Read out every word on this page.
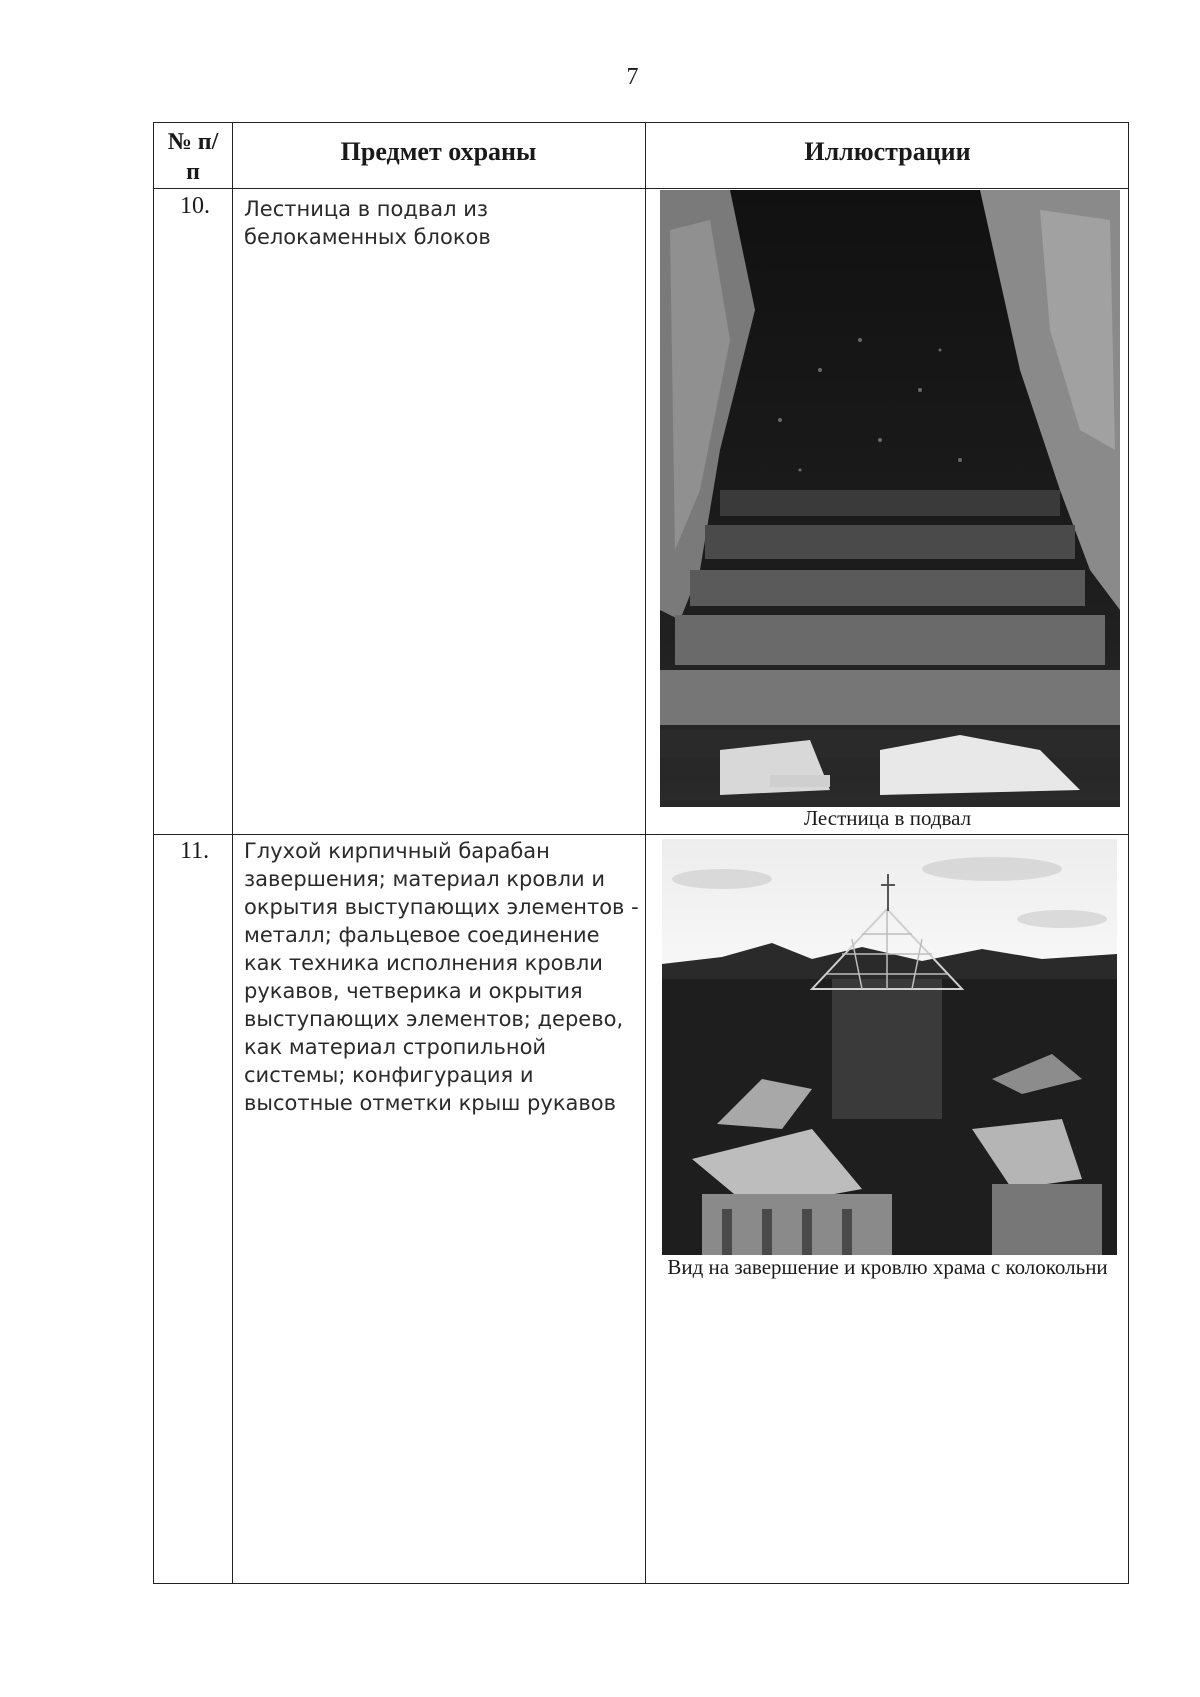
7
№ п/п
Предмет охраны	Иллюстрации
10. Лестница в подвал из белокаменных блоков
Лестница в подвал
11. Глухой кирпичный барабан завершения; материал кровли и окрытия выступающих элементов - металл; фальцевое соединение как техника исполнения кровли рукавов, четверика и окрытия выступающих элементов; дерево, как материал стропильной системы; конфигурация и высотные отметки крыш рукавов
Вид на завершение и кровлю храма с колокольни
